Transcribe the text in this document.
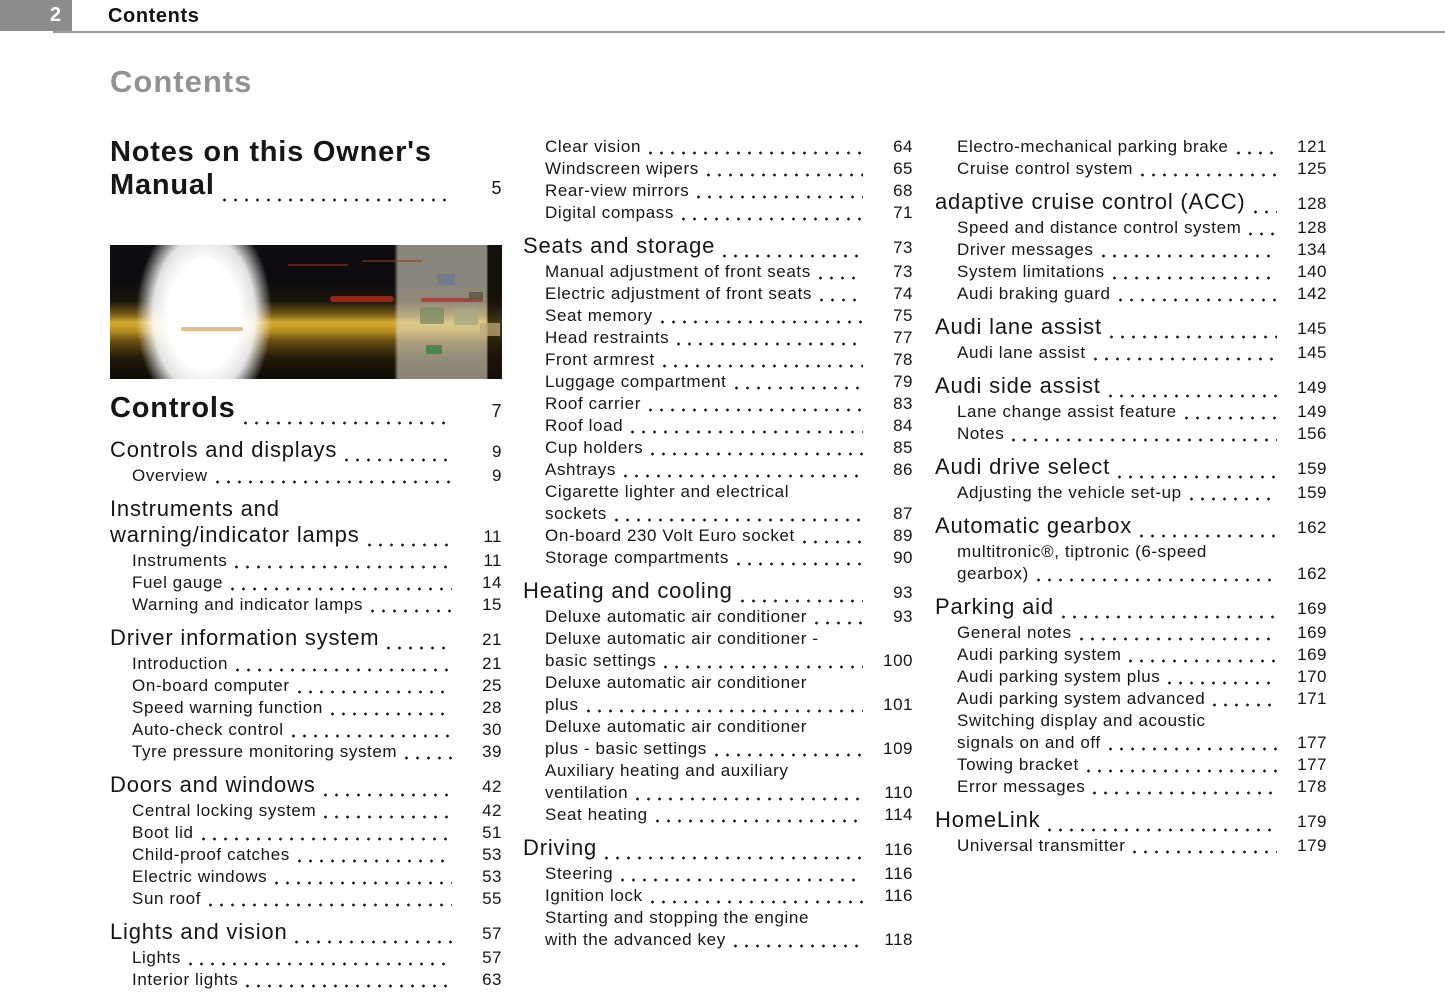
2	Contents
Contents
Notes on this Owner's
Manual	5
Controls	7
Controls and displays	9
Overview	9
Instruments and
warning/indicator lamps	11
Instruments	11
Fuel gauge	14
Warning and indicator lamps	15
Driver information system	21
Introduction	21
On-board computer	25
Speed warning function	28
Auto-check control	30
Tyre pressure monitoring system	39
Doors and windows	42
Central locking system	42
Boot lid	51
Child-proof catches	53
Electric windows	53
Sun roof	55
Lights and vision	57
Lights	57
Interior lights	63
Clear vision	64
Windscreen wipers	65
Rear-view mirrors	68
Digital compass	71
Seats and storage	73
Manual adjustment of front seats	73
Electric adjustment of front seats	74
Seat memory	75
Head restraints	77
Front armrest	78
Luggage compartment	79
Roof carrier	83
Roof load	84
Cup holders	85
Ashtrays	86
Cigarette lighter and electrical
sockets	87
On-board 230 Volt Euro socket	89
Storage compartments	90
Heating and cooling	93
Deluxe automatic air conditioner	93
Deluxe automatic air conditioner -
basic settings	100
Deluxe automatic air conditioner
plus	101
Deluxe automatic air conditioner
plus - basic settings	109
Auxiliary heating and auxiliary
ventilation	110
Seat heating	114
Driving	116
Steering	116
Ignition lock	116
Starting and stopping the engine
with the advanced key	118
Electro-mechanical parking brake	121
Cruise control system	125
adaptive cruise control (ACC)	128
Speed and distance control system	128
Driver messages	134
System limitations	140
Audi braking guard	142
Audi lane assist	145
Audi lane assist	145
Audi side assist	149
Lane change assist feature	149
Notes	156
Audi drive select	159
Adjusting the vehicle set-up	159
Automatic gearbox	162
multitronic®, tiptronic (6-speed
gearbox)	162
Parking aid	169
General notes	169
Audi parking system	169
Audi parking system plus	170
Audi parking system advanced	171
Switching display and acoustic
signals on and off	177
Towing bracket	177
Error messages	178
HomeLink	179
Universal transmitter	179
